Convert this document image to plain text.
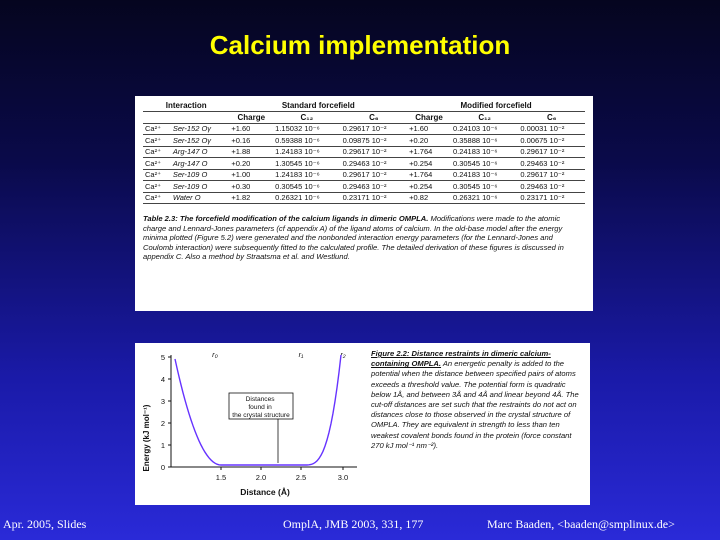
Calcium implementation
Interaction		Standard forcefield			Modified forcefield		
		Charge	C₁₂	C₆	Charge	C₁₂	C₆
Ca²⁺	Ser-152 Oγ	+1.60	1.15032 10⁻⁶	0.29617 10⁻²	+1.60	0.24103 10⁻⁶	0.00031 10⁻²
Ca²⁺	Ser-152 Oγ	+0.16	0.59388 10⁻⁶	0.09875 10⁻²	+0.20	0.35888 10⁻⁶	0.00675 10⁻²
Ca²⁺	Arg-147 O	+1.88	1.24183 10⁻⁶	0.29617 10⁻²	+1.764	0.24183 10⁻⁶	0.29617 10⁻²
Ca²⁺	Arg-147 O	+0.20	1.30545 10⁻⁶	0.29463 10⁻²	+0.254	0.30545 10⁻⁶	0.29463 10⁻²
Ca²⁺	Ser-109 O	+1.00	1.24183 10⁻⁶	0.29617 10⁻²	+1.764	0.24183 10⁻⁶	0.29617 10⁻²
Ca²⁺	Ser-109 O	+0.30	0.30545 10⁻⁶	0.29463 10⁻²	+0.254	0.30545 10⁻⁶	0.29463 10⁻²
Ca²⁺	Water O	+1.82	0.26321 10⁻⁶	0.23171 10⁻²	+0.82	0.26321 10⁻⁶	0.23171 10⁻²
Table 2.3: The forcefield modification of the calcium ligands in dimeric OMPLA. Modifications were made to the atomic charge and Lennard-Jones parameters (cf appendix A) of the ligand atoms of calcium. In the old-base model after the energy minima plotted (Figure 5.2) were generated and the nonbonded interaction energy parameters (for the Lennard-Jones and Coulomb interaction) were subsequently fitted to the calculated profile. The detailed derivation of these figures is discussed in appendix C. Also a method by Straatsma et al. and Westlund.
Energy (kJ mol⁻¹)
Distance (Å)
0
1
2
3
4
5
1.5	2.0	2.5	3.0
r₀	r₁	r₂
Distances found in the crystal structure
Figure 2.2: Distance restraints in dimeric calcium-containing OMPLA. An energetic penalty is added to the potential when the distance between specified pairs of atoms exceeds a threshold value. The potential form is quadratic below 1Å, and between 3Å and 4Å and linear beyond 4Å. The cut-off distances are set such that the restraints do not act on distances close to those observed in the crystal structure of OMPLA. They are equivalent in strength to less than ten weakest covalent bonds found in the protein (force constant 270 kJ mol⁻¹ nm⁻²).
Apr. 2005, Slides	OmplA, JMB 2003, 331, 177	Marc Baaden, <baaden@smplinux.de>
